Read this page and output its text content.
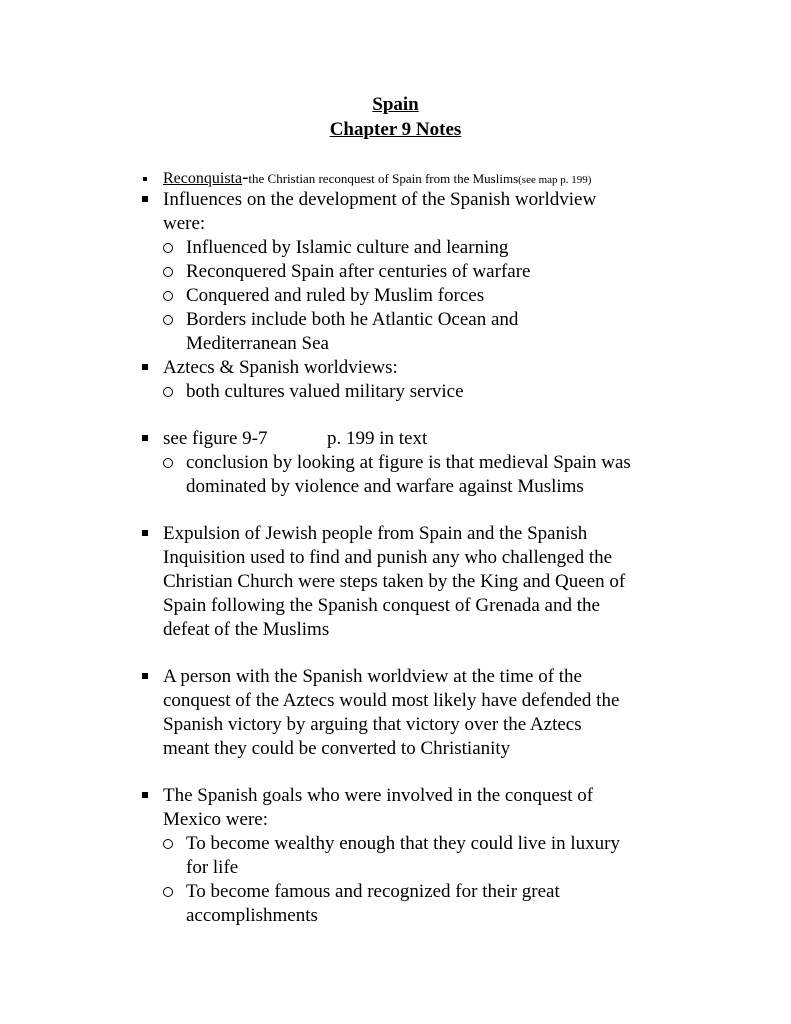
Spain
Chapter 9 Notes
Reconquista-the Christian reconquest of Spain from the Muslims(see map p. 199)
Influences on the development of the Spanish worldview
were:
Influenced by Islamic culture and learning
Reconquered Spain after centuries of warfare
Conquered and ruled by Muslim forces
Borders include both he Atlantic Ocean and
Mediterranean Sea
Aztecs & Spanish worldviews:
both cultures valued military service
see figure 9-7	p. 199 in text
conclusion by looking at figure is that medieval Spain was
dominated by violence and warfare against Muslims
Expulsion of Jewish people from Spain and the Spanish
Inquisition used to find and punish any who challenged the
Christian Church were steps taken by the King and Queen of
Spain following the Spanish conquest of Grenada and the
defeat of the Muslims
A person with the Spanish worldview at the time of the
conquest of the Aztecs would most likely have defended the
Spanish victory by arguing that victory over the Aztecs
meant they could be converted to Christianity
The Spanish goals who were involved in the conquest of
Mexico were:
To become wealthy enough that they could live in luxury
for life
To become famous and recognized for their great
accomplishments
